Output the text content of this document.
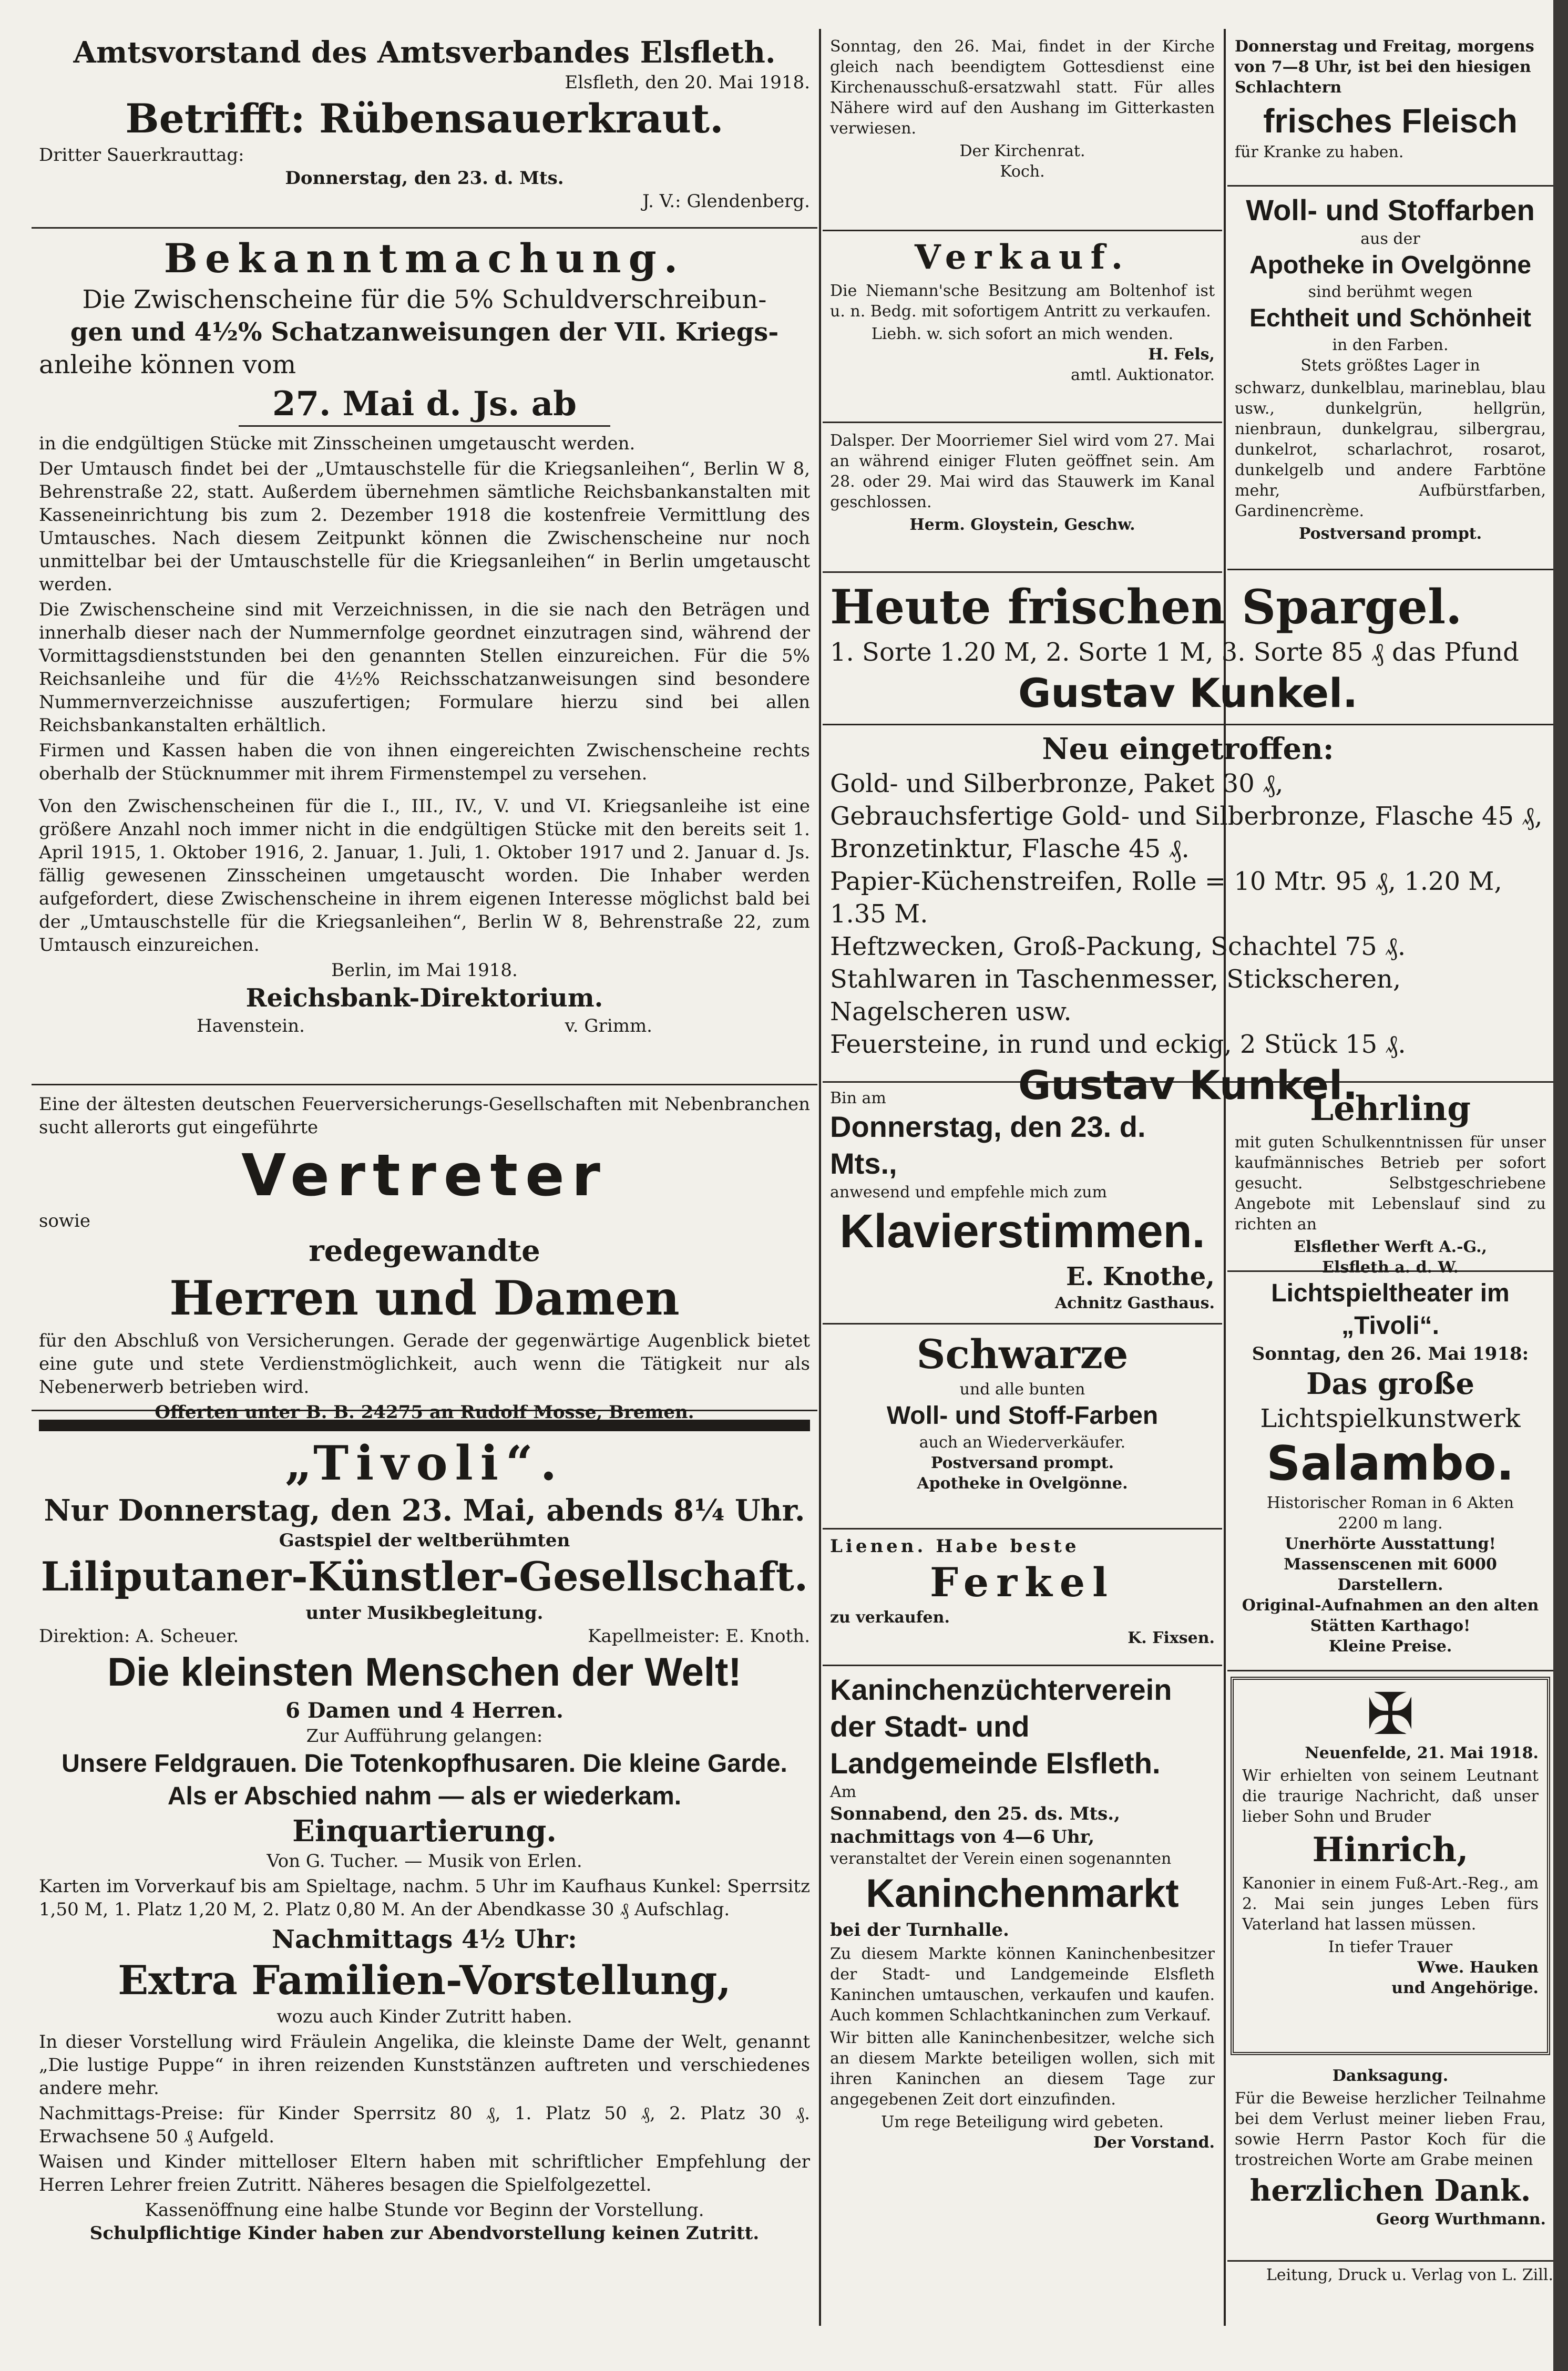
Amtsvorstand des Amtsverbandes Elsfleth.
Elsfleth, den 20. Mai 1918.
Betrifft: Rübensauerkraut.
Dritter Sauerkrauttag:
Donnerstag, den 23. d. Mts.
J. V.: Glendenberg.
Bekanntmachung.
Die Zwischenscheine für die 5% Schuldverschreibun-
gen und 4½% Schatzanweisungen der VII. Kriegs-
anleihe können vom
27. Mai d. Js. ab

in die endgültigen Stücke mit Zinsscheinen umgetauscht werden.

Der Umtausch findet bei der „Umtauschstelle für die Kriegsanleihen“, Berlin W 8, Behrenstraße 22, statt. Außerdem übernehmen sämtliche Reichsbankanstalten mit Kasseneinrichtung bis zum 2. Dezember 1918 die kostenfreie Vermittlung des Umtausches. Nach diesem Zeitpunkt können die Zwischenscheine nur noch unmittelbar bei der Umtauschstelle für die Kriegsanleihen“ in Berlin umgetauscht werden.

Die Zwischenscheine sind mit Verzeichnissen, in die sie nach den Beträgen und innerhalb dieser nach der Nummernfolge geordnet einzutragen sind, während der Vormittagsdienststunden bei den genannten Stellen einzureichen. Für die 5% Reichsanleihe und für die 4½% Reichsschatzanweisungen sind besondere Nummernverzeichnisse auszufertigen; Formulare hierzu sind bei allen Reichsbankanstalten erhältlich.

Firmen und Kassen haben die von ihnen eingereichten Zwischenscheine rechts oberhalb der Stücknummer mit ihrem Firmenstempel zu versehen.

Von den Zwischenscheinen für die I., III., IV., V. und VI. Kriegsanleihe ist eine größere Anzahl noch immer nicht in die endgültigen Stücke mit den bereits seit 1. April 1915, 1. Oktober 1916, 2. Januar, 1. Juli, 1. Oktober 1917 und 2. Januar d. Js. fällig gewesenen Zinsscheinen umgetauscht worden. Die Inhaber werden aufgefordert, diese Zwischenscheine in ihrem eigenen Interesse möglichst bald bei der „Umtauschstelle für die Kriegsanleihen“, Berlin W 8, Behrenstraße 22, zum Umtausch einzureichen.

Berlin, im Mai 1918.
Reichsbank-Direktorium.
Havenstein.	v. Grimm.

Eine der ältesten deutschen Feuerversicherungs-Gesellschaften mit Nebenbranchen sucht allerorts gut eingeführte

Vertreter
sowie
redegewandte
Herren und Damen

für den Abschluß von Versicherungen. Gerade der gegenwärtige Augenblick bietet eine gute und stete Verdienstmöglichkeit, auch wenn die Tätigkeit nur als Nebenerwerb betrieben wird.

Offerten unter B. B. 24275 an Rudolf Mosse, Bremen.
„Tivoli“.
Nur Donnerstag, den 23. Mai, abends 8¼ Uhr.
Gastspiel der weltberühmten
Liliputaner-Künstler-Gesellschaft.
unter Musikbegleitung.
Direktion: A. Scheuer.	Kapellmeister: E. Knoth.
Die kleinsten Menschen der Welt!
6 Damen und 4 Herren.
Zur Aufführung gelangen:
Unsere Feldgrauen. Die Totenkopfhusaren. Die kleine Garde.
Als er Abschied nahm — als er wiederkam.
Einquartierung.
Von G. Tucher. — Musik von Erlen.

Karten im Vorverkauf bis am Spieltage, nachm. 5 Uhr im Kaufhaus Kunkel: Sperrsitz 1,50 M, 1. Platz 1,20 M, 2. Platz 0,80 M. An der Abendkasse 30 ₰ Aufschlag.

Nachmittags 4½ Uhr:
Extra Familien-Vorstellung,
wozu auch Kinder Zutritt haben.

In dieser Vorstellung wird Fräulein Angelika, die kleinste Dame der Welt, genannt „Die lustige Puppe“ in ihren reizenden Kunststänzen auftreten und verschiedenes andere mehr.

Nachmittags-Preise: für Kinder Sperrsitz 80 ₰, 1. Platz 50 ₰, 2. Platz 30 ₰. Erwachsene 50 ₰ Aufgeld.

Waisen und Kinder mittelloser Eltern haben mit schriftlicher Empfehlung der Herren Lehrer freien Zutritt. Näheres besagen die Spielfolgezettel.

Kassenöffnung eine halbe Stunde vor Beginn der Vorstellung.
Schulpflichtige Kinder haben zur Abendvorstellung keinen Zutritt.

Sonntag, den 26. Mai, findet in der Kirche gleich nach beendigtem Gottesdienst eine Kirchenausschuß-ersatzwahl statt. Für alles Nähere wird auf den Aushang im Gitterkasten verwiesen.

Der Kirchenrat.
Koch.
Verkauf.

Die Niemann'sche Besitzung am Boltenhof ist u. n. Bedg. mit sofortigem Antritt zu verkaufen.

Liebh. w. sich sofort an mich wenden.
H. Fels,
amtl. Auktionator.

Dalsper. Der Moorriemer Siel wird vom 27. Mai an während einiger Fluten geöffnet sein. Am 28. oder 29. Mai wird das Stauwerk im Kanal geschlossen.

Herm. Gloystein, Geschw.
Heute frischen Spargel.
1. Sorte 1.20 M, 2. Sorte 1 M, 3. Sorte 85 ₰ das Pfund
Gustav Kunkel.
Neu eingetroffen:
Gold- und Silberbronze, Paket 30 ₰,
Gebrauchsfertige Gold- und Silberbronze, Flasche 45 ₰,
Bronzetinktur, Flasche 45 ₰.
Papier-Küchenstreifen, Rolle = 10 Mtr. 95 ₰, 1.20 M, 1.35 M.
Heftzwecken, Groß-Packung, Schachtel 75 ₰.
Stahlwaren in Taschenmesser, Stickscheren, Nagelscheren usw.
Feuersteine, in rund und eckig, 2 Stück 15 ₰.
Gustav Kunkel.
Bin am
Donnerstag, den 23. d. Mts.,
anwesend und empfehle mich zum
Klavierstimmen.
E. Knothe,
Achnitz Gasthaus.
Schwarze
und alle bunten
Woll- und Stoff-Farben
auch an Wiederverkäufer.
Postversand prompt.
Apotheke in Ovelgönne.
Lienen. Habe beste
Ferkel
zu verkaufen.
K. Fixsen.
Kaninchenzüchterverein der Stadt- und Landgemeinde Elsfleth.
Am
Sonnabend, den 25. ds. Mts., nachmittags von 4—6 Uhr,
veranstaltet der Verein einen sogenannten
Kaninchenmarkt
bei der Turnhalle.

Zu diesem Markte können Kaninchenbesitzer der Stadt- und Landgemeinde Elsfleth Kaninchen umtauschen, verkaufen und kaufen. Auch kommen Schlachtkaninchen zum Verkauf.

Wir bitten alle Kaninchenbesitzer, welche sich an diesem Markte beteiligen wollen, sich mit ihren Kaninchen an diesem Tage zur angegebenen Zeit dort einzufinden.

Um rege Beteiligung wird gebeten.
Der Vorstand.

Donnerstag und Freitag, morgens von 7—8 Uhr, ist bei den hiesigen Schlachtern

frisches Fleisch
für Kranke zu haben.
Woll- und Stoffarben
aus der
Apotheke in Ovelgönne
sind berühmt wegen
Echtheit und Schönheit
in den Farben.
Stets größtes Lager in

schwarz, dunkelblau, marineblau, blau usw., dunkelgrün, hellgrün, nienbraun, dunkelgrau, silbergrau, dunkelrot, scharlachrot, rosarot, dunkelgelb und andere Farbtöne mehr, Aufbürstfarben, Gardinencrème.

Postversand prompt.
Lehrling

mit guten Schulkenntnissen für unser kaufmännisches Betrieb per sofort gesucht. Selbstgeschriebene Angebote mit Lebenslauf sind zu richten an

Elsflether Werft A.-G.,
Elsfleth a. d. W.
Lichtspieltheater im „Tivoli“.
Sonntag, den 26. Mai 1918:
Das große
Lichtspielkunstwerk
Salambo.
Historischer Roman in 6 Akten
2200 m lang.
Unerhörte Ausstattung!
Massenscenen mit 6000 Darstellern.
Original-Aufnahmen an den alten Stätten Karthago!
Kleine Preise.
✠
Neuenfelde, 21. Mai 1918.

Wir erhielten von seinem Leutnant die traurige Nachricht, daß unser lieber Sohn und Bruder

Hinrich,

Kanonier in einem Fuß-Art.-Reg., am 2. Mai sein junges Leben fürs Vaterland hat lassen müssen.

In tiefer Trauer
Wwe. Hauken
und Angehörige.
Danksagung.

Für die Beweise herzlicher Teilnahme bei dem Verlust meiner lieben Frau, sowie Herrn Pastor Koch für die trostreichen Worte am Grabe meinen

herzlichen Dank.
Georg Wurthmann.
Leitung, Druck u. Verlag von L. Zill.
